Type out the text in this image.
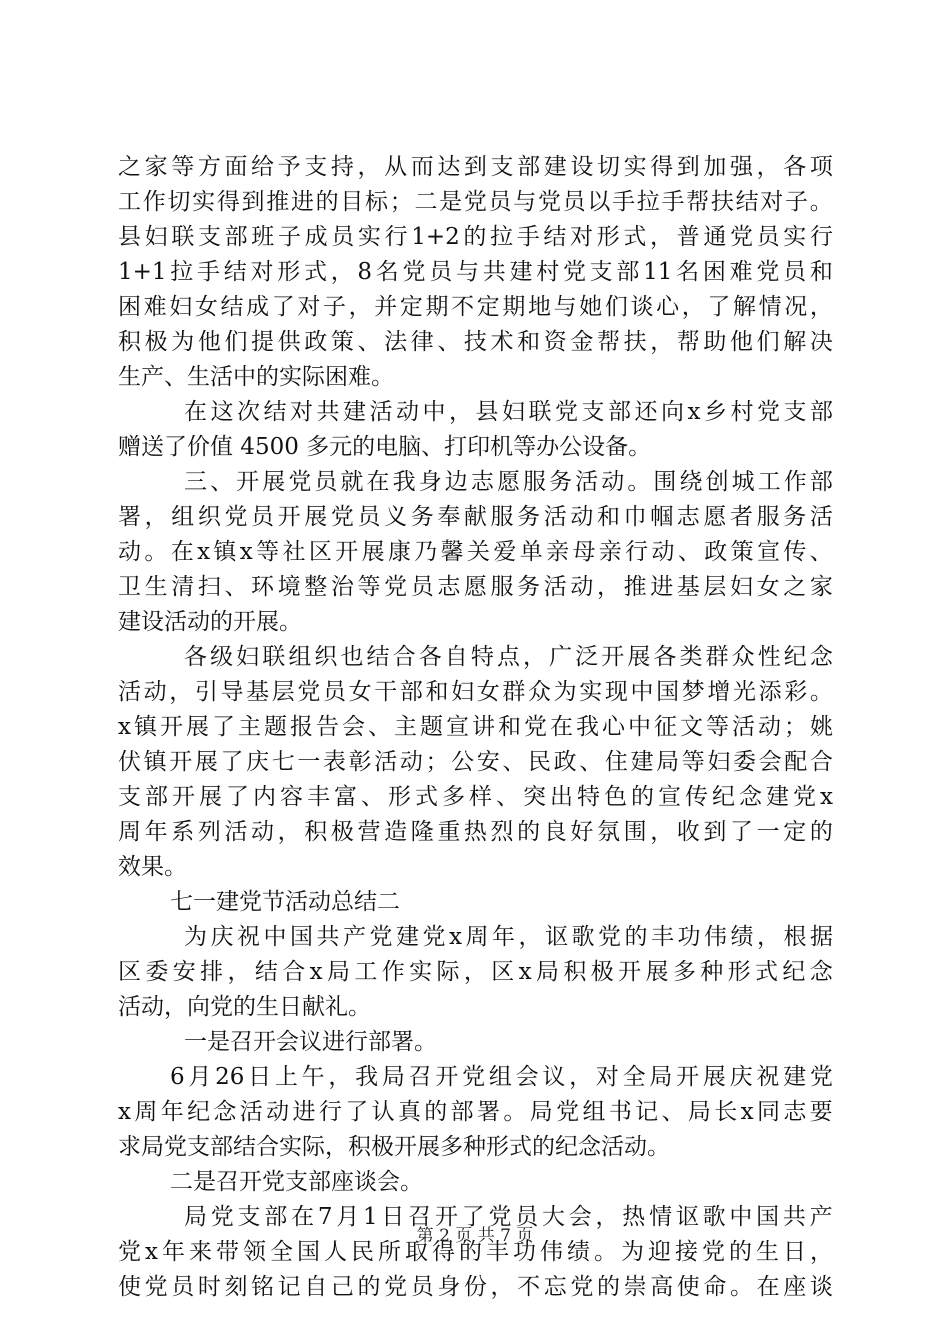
之 家 等 方 面 给 予 支 持 ， 从 而 达 到 支 部 建 设 切 实 得 到 加 强 ， 各 项
工 作 切 实 得 到 推 进 的 目 标 ； 二 是 党 员 与 党 员 以 手 拉 手 帮 扶 结 对 子 。
县 妇 联 支 部 班 子 成 员 实 行 1+2 的 拉 手 结 对 形 式 ， 普 通 党 员 实 行
1+1 拉 手 结 对 形 式 ， 8 名 党 员 与 共 建 村 党 支 部 11 名 困 难 党 员 和
困 难 妇 女 结 成 了 对 子 ， 并 定 期 不 定 期 地 与 她 们 谈 心 ， 了 解 情 况 ，
积 极 为 他 们 提 供 政 策 、 法 律 、 技 术 和 资 金 帮 扶 ， 帮 助 他 们 解 决
生产、生活中的实际困难。
在 这 次 结 对 共 建 活 动 中 ， 县 妇 联 党 支 部 还 向 x 乡 村 党 支 部
赠送了价值 4500 多元的电脑、打印机等办公设备。
三 、 开 展 党 员 就 在 我 身 边 志 愿 服 务 活 动 。 围 绕 创 城 工 作 部
署 ， 组 织 党 员 开 展 党 员 义 务 奉 献 服 务 活 动 和 巾 帼 志 愿 者 服 务 活
动 。 在 x 镇 x 等 社 区 开 展 康 乃 馨 关 爱 单 亲 母 亲 行 动 、 政 策 宣 传 、
卫 生 清 扫 、 环 境 整 治 等 党 员 志 愿 服 务 活 动 ， 推 进 基 层 妇 女 之 家
建设活动的开展。
各 级 妇 联 组 织 也 结 合 各 自 特 点 ， 广 泛 开 展 各 类 群 众 性 纪 念
活 动 ， 引 导 基 层 党 员 女 干 部 和 妇 女 群 众 为 实 现 中 国 梦 增 光 添 彩 。
x 镇 开 展 了 主 题 报 告 会 、 主 题 宣 讲 和 党 在 我 心 中 征 文 等 活 动 ； 姚
伏 镇 开 展 了 庆 七 一 表 彰 活 动 ； 公 安 、 民 政 、 住 建 局 等 妇 委 会 配 合
支 部 开 展 了 内 容 丰 富 、 形 式 多 样 、 突 出 特 色 的 宣 传 纪 念 建 党 x
周 年 系 列 活 动 ， 积 极 营 造 隆 重 热 烈 的 良 好 氛 围 ， 收 到 了 一 定 的
效果。
七一建党节活动总结二
为 庆 祝 中 国 共 产 党 建 党 x 周 年 ， 讴 歌 党 的 丰 功 伟 绩 ， 根 据
区 委 安 排 ， 结 合 x 局 工 作 实 际 ， 区 x 局 积 极 开 展 多 种 形 式 纪 念
活动，向党的生日献礼。
一是召开会议进行部署。
6 月 26 日 上 午 ， 我 局 召 开 党 组 会 议 ， 对 全 局 开 展 庆 祝 建 党
x 周 年 纪 念 活 动 进 行 了 认 真 的 部 署 。 局 党 组 书 记 、 局 长 x 同 志 要
求局党支部结合实际，积极开展多种形式的纪念活动。
二是召开党支部座谈会。
局 党 支 部 在 7 月 1 日 召 开 了 党 员 大 会 ， 热 情 讴 歌 中 国 共 产
党 x 年 来 带 领 全 国 人 民 所 取 得 的 丰 功 伟 绩 。 为 迎 接 党 的 生 日 ，
使 党 员 时 刻 铭 记 自 己 的 党 员 身 份 ， 不 忘 党 的 崇 高 使 命 。 在 座 谈
第 2 页 共 7 页
